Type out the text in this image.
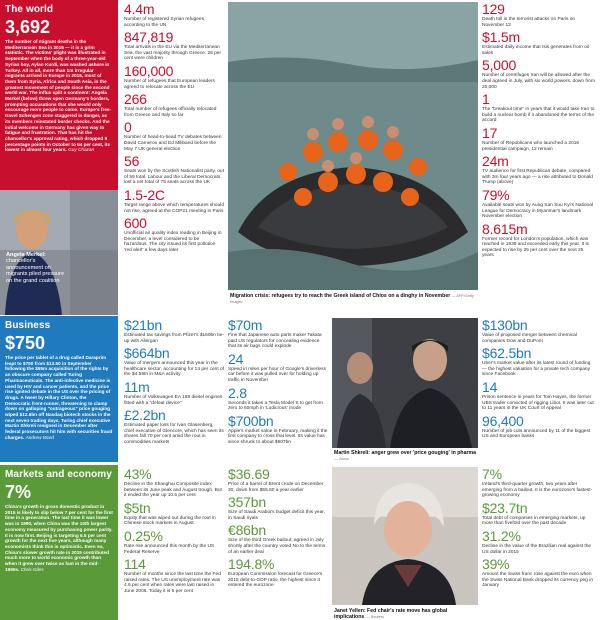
The world
3,692
The number of migrant deaths in the Mediterranean Sea in 2015 — it is a grim statistic. The victims' plight was illustrated in September when the body of a three-year-old Syrian boy, Aylan Kurdi, was washed ashore in Turkey. All in all, more than 1m irregular migrants arrived in Europe in 2015, most of them from Syria, Africa and South Asia, in the greatest movement of people since the second world war. The influx split a continent: Angela Merkel (below) threw open Germany's borders, prompting accusations that she would only encourage more people to come. Europe's free-travel Schengen zone staggered in danger, as its members reinstated border checks. And the initial welcome in Germany has given way to fatigue and frustration. That has hit the chancellor's approval rating, which dropped 9 percentage points in October to 54 per cent, its lowest in almost four years. Guy Chazan
Angela Merkel: chancellor's announcement on migrants piled pressure on the grand coalition
4.4m
Number of registered Syrian refugees, according to the UN
847,819
Total arrivals in the EU via the Mediterranean Sea, the vast majority through Greece. 28 per cent were children
160,000
Number of refugees that European leaders agreed to relocate across the EU
266
Total number of refugees officially relocated from Greece and Italy so far
0
Number of head-to-head TV debates between David Cameron and Ed Miliband before the May 7 UK general election
56
Seats won by the Scottish Nationalist party, out of 59 total. Labour and the Liberal Democrats lost a net total of 75 seats across the UK
1.5-2C
Target range above which temperatures should not rise, agreed at the COP21 meeting in Paris
600
Unofficial air quality index reading in Beijing in December, a level considered to be hazardous. The city issued its first pollution 'red alert' a few days later
Migration crisis: refugees try to reach the Greek island of Chios on a dinghy in November — AFP/Getty Images
129
Death toll in the terrorist attacks on Paris on November 13
$1.5m
Estimated daily income that Isis generates from oil sales
5,000
Number of centrifuges Iran will be allowed after the deal agreed in July, with six world powers, down from 20,000
1
The "breakout time" in years that it would take Iran to build a nuclear bomb if it abandoned the terms of the accord
17
Number of Republicans who launched a 2016 presidential campaign, 12 remain
24m
TV audience for first Republican debate, compared with 3m four years ago — a rise attributed to Donald Trump (above)
79%
Available seats won by Aung San Suu Kyi's National League for Democracy in Myanmar's landmark November election
8.615m
Former record for London's population, which was reached in 1939 and exceeded early this year. It is expected to rise by 25 per cent over the next 25 years
Business
$750
The price per tablet of a drug called Daraprim leapt to $750 from $13.50 in September following the $55m acquisition of the rights by an obscure company called Turing Pharmaceuticals. The anti-infective medicine is used by HIV and cancer patients, and the price rise ignited debate in the US over the pricing of drugs. A tweet by Hillary Clinton, the Democratic front-runner, threatening to clamp down on galloping "outrageous" price gouging wiped $12.6bn off Nasdaq biotech stocks in the next seven trading days. Turing chief executive Martin Shkreli resigned in December after federal prosecutors hit him with securities fraud charges. Andrew Ward
$21bn
Estimated tax savings from Pfizer's $160bn tie-up with Allergan
$664bn
Value of mergers announced this year in the healthcare sector, accounting for 14 per cent of the $4.59tn in M&A activity
11m
Number of Volkswagen EA 189 diesel engines fitted with a "defeat device"
£2.2bn
Estimated paper loss for Ivan Glasenberg, chief executive of Glencore, which has seen its shares fall 70 per cent amid the rout in commodities markets
$70m
Fine that Japanese auto parts maker Takata paid US regulators for concealing evidence that its air bags could explode
24
Speed in miles per hour of Google's driverless car before it was pulled over for holding up traffic in November
2.8
Seconds it takes a Tesla Model S to get from zero to 60mph in 'Ludicrous' mode
$700bn
Apple's market value in February, making it the first company to cross that level. Its value has since shrunk to about $607bn
Martin Shkreli: anger grew over 'price gouging' in pharma — Zuma
$130bn
Value of proposed merger between chemical companies Dow and DuPont
$62.5bn
Uber's market value after its latest round of funding — the highest valuation for a private tech company since Facebook
14
Prison sentence in years for Tom Hayes, the former UBS trader convicted of rigging Libor. It was later cut to 11 years in the UK Court of Appeal
96,400
Number of job cuts announced by 11 of the biggest US and European banks
Markets and economy
7%
China's growth in gross domestic product in 2015 is likely to slip below 7 per cent for the first time in a generation. The last time it was lower was in 1990, when China was the 10th largest economy measured by purchasing power parity. It is now first. Beijing is targeting 6.5 per cent growth for the next five years, although many economists think this is optimistic. Even so, China's slower growth rate in 2015 contributed much more to world economic growth than when it grew over twice as fast in the mid-1990s. Chris Giles
43%
Decline in the Shanghai Composite index between its June peak and August trough. But it ended the year up 10.5 per cent
$5tn
Equity that was wiped out during the rout in Chinese stock markets in August
0.25%
Rate rise announced this month by the US Federal Reserve
114
Number of months since the last time the Fed raised rates. The US unemployment rate was 4.6 per cent when rates were last raised in June 2006. Today it is 5 per cent
$36.69
Price of a barrel of Brent crude on December 30, down from $55.60 a year earlier
357bn
Size of Saudi Arabia's budget deficit this year, in Saudi riyals
€86bn
Size of the third Greek bailout, agreed in July shortly after the country voted No to the terms of an earlier deal
194.8%
European Commission forecast for Greece's 2015 debt-to-GDP ratio, the highest since it entered the eurozone
Janet Yellen: Fed chair's rate move has global implications — Reuters
7%
Ireland's third-quarter growth, two years after emerging from a bailout. It is the eurozone's fastest-growing economy
$23.7tn
Total debt of companies in emerging markets, up more than fivefold over the past decade
31.2%
Decline in the value of the Brazilian real against the US dollar in 2015
39%
Amount the Swiss franc rose against the euro when the Swiss National Bank dropped its currency peg in January
